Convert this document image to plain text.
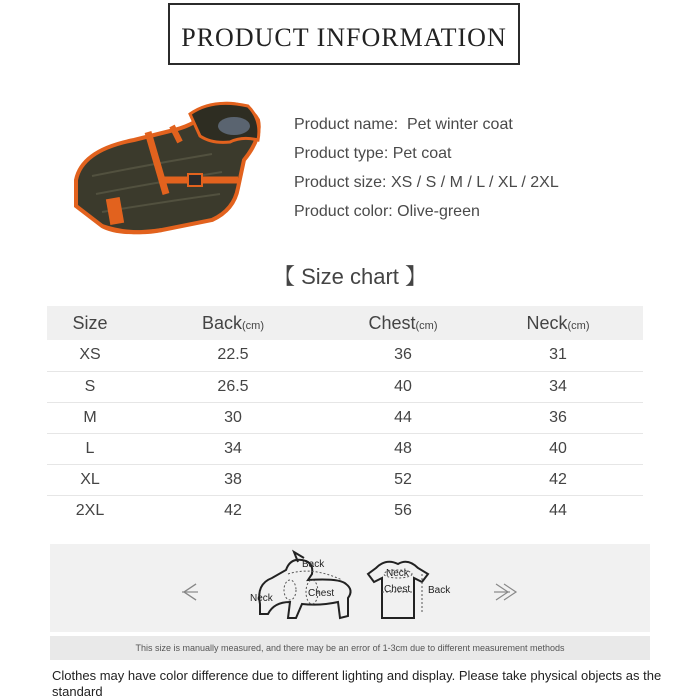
PRODUCT INFORMATION
Product name: Pet winter coat
Product type: Pet coat
Product size: XS / S / M / L / XL / 2XL
Product color: Olive-green
【 Size chart 】
Size	Back(cm)	Chest(cm)	Neck(cm)
XS	22.5	36	31
S	26.5	40	34
M	30	44	36
L	34	48	40
XL	38	52	42
2XL	42	56	44
Back
Neck	Chest
Neck
Chest Back
This size is manually measured, and there may be an error of 1-3cm due to different measurement methods
Clothes may have color difference due to different lighting and display. Please take physical objects as the standard
